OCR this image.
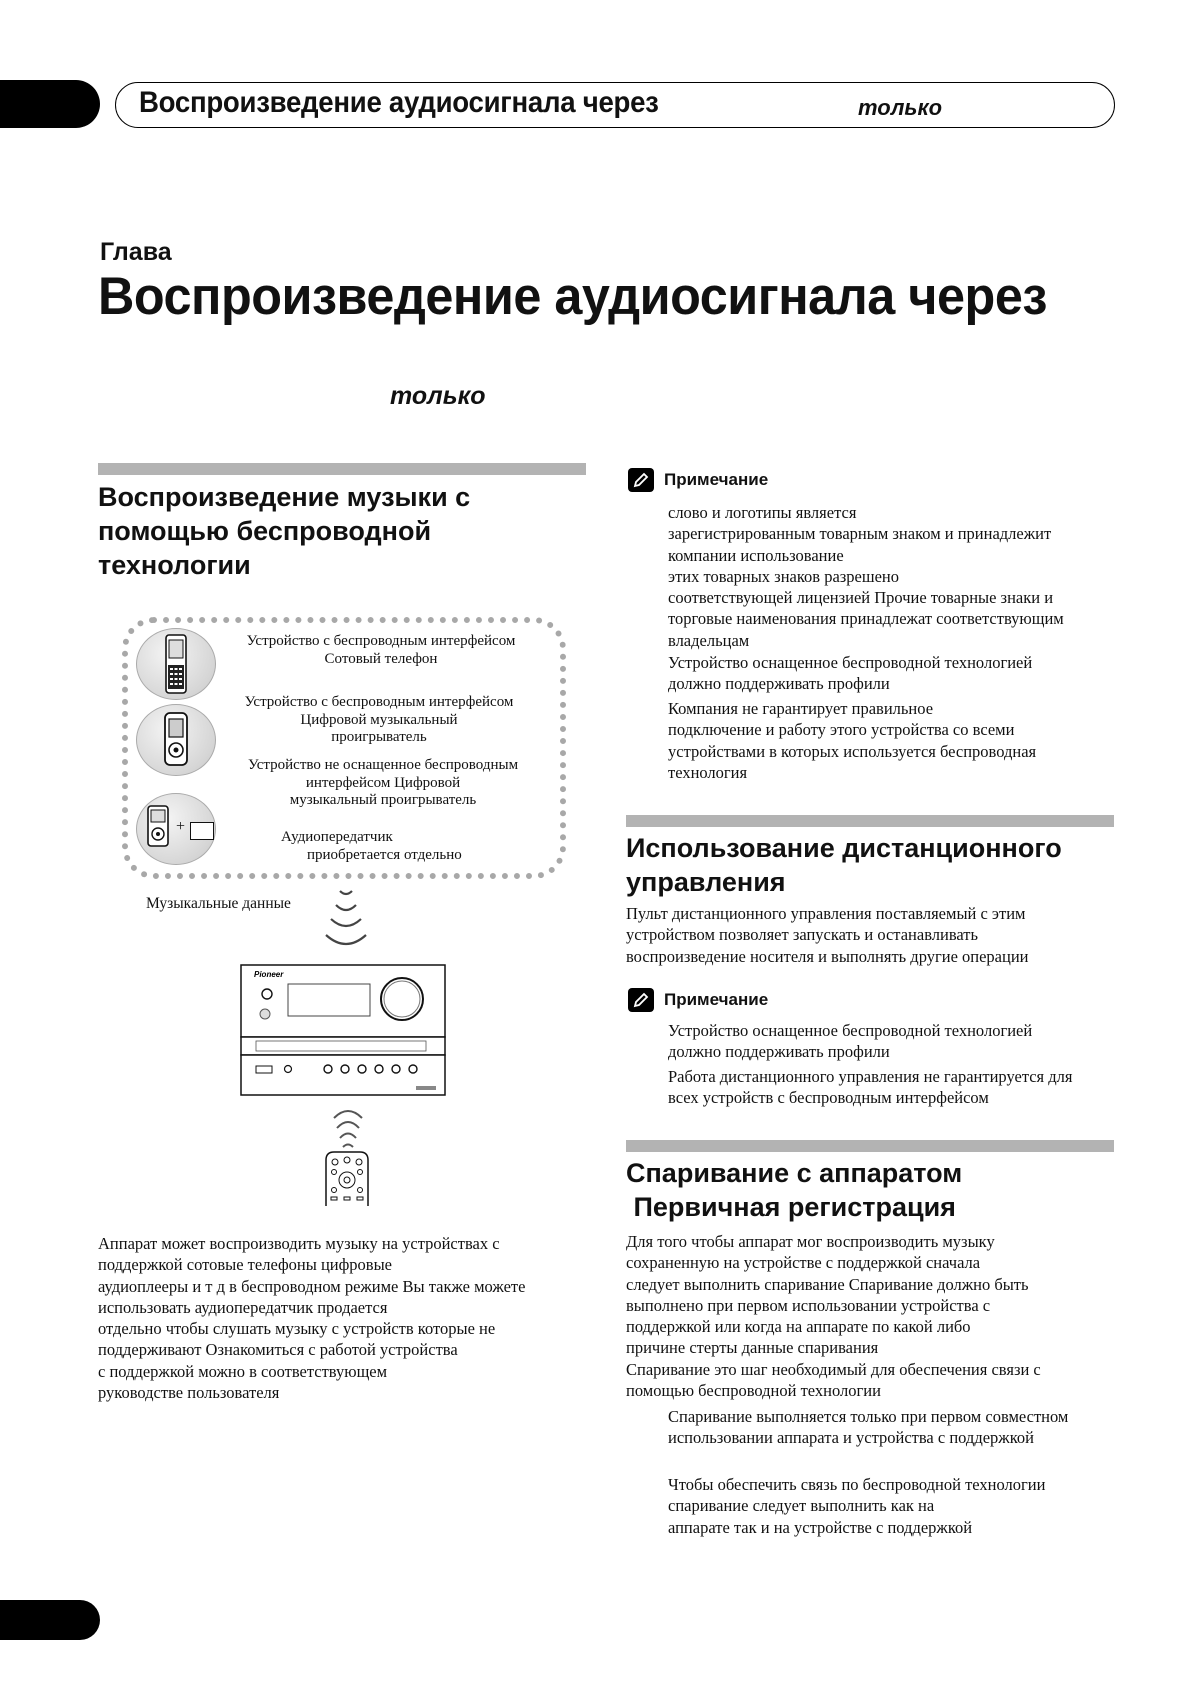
Воспроизведение аудиосигнала через	только
Глава
Воспроизведение аудиосигнала через
только
Воспроизведение музыки с
помощью беспроводной
технологии
Устройство с беспроводным интерфейсом
Сотовый телефон
Устройство с беспроводным интерфейсом
Цифровой музыкальный
проигрыватель
Устройство не оснащенное беспроводным
интерфейсом Цифровой
музыкальный проигрыватель
+
Аудиопередатчик
приобретается отдельно
Музыкальные данные
Pioneer

Аппарат может воспроизводить музыку на устройствах с

поддержкой сотовые телефоны цифровые

аудиоплееры и т д в беспроводном режиме Вы также можете

использовать аудиопередатчик продается

отдельно чтобы слушать музыку с устройств которые не

поддерживают Ознакомиться с работой устройства

с поддержкой можно в соответствующем

руководстве пользователя

Примечание

слово и логотипы является

зарегистрированным товарным знаком и принадлежит

компании использование

этих товарных знаков разрешено

соответствующей лицензией Прочие товарные знаки и

торговые наименования принадлежат соответствующим

владельцам

Устройство оснащенное беспроводной технологией

должно поддерживать профили

Компания не гарантирует правильное

подключение и работу этого устройства со всеми

устройствами в которых используется беспроводная

технология

Использование дистанционного
управления

Пульт дистанционного управления поставляемый с этим

устройством позволяет запускать и останавливать

воспроизведение носителя и выполнять другие операции

Примечание

Устройство оснащенное беспроводной технологией

должно поддерживать профили

Работа дистанционного управления не гарантируется для

всех устройств с беспроводным интерфейсом

Спаривание с аппаратом
Первичная регистрация

Для того чтобы аппарат мог воспроизводить музыку

сохраненную на устройстве с поддержкой сначала

следует выполнить спаривание Спаривание должно быть

выполнено при первом использовании устройства с

поддержкой или когда на аппарате по какой либо

причине стерты данные спаривания

Спаривание это шаг необходимый для обеспечения связи с

помощью беспроводной технологии

Спаривание выполняется только при первом совместном

использовании аппарата и устройства с поддержкой

Чтобы обеспечить связь по беспроводной технологии

спаривание следует выполнить как на

аппарате так и на устройстве с поддержкой
